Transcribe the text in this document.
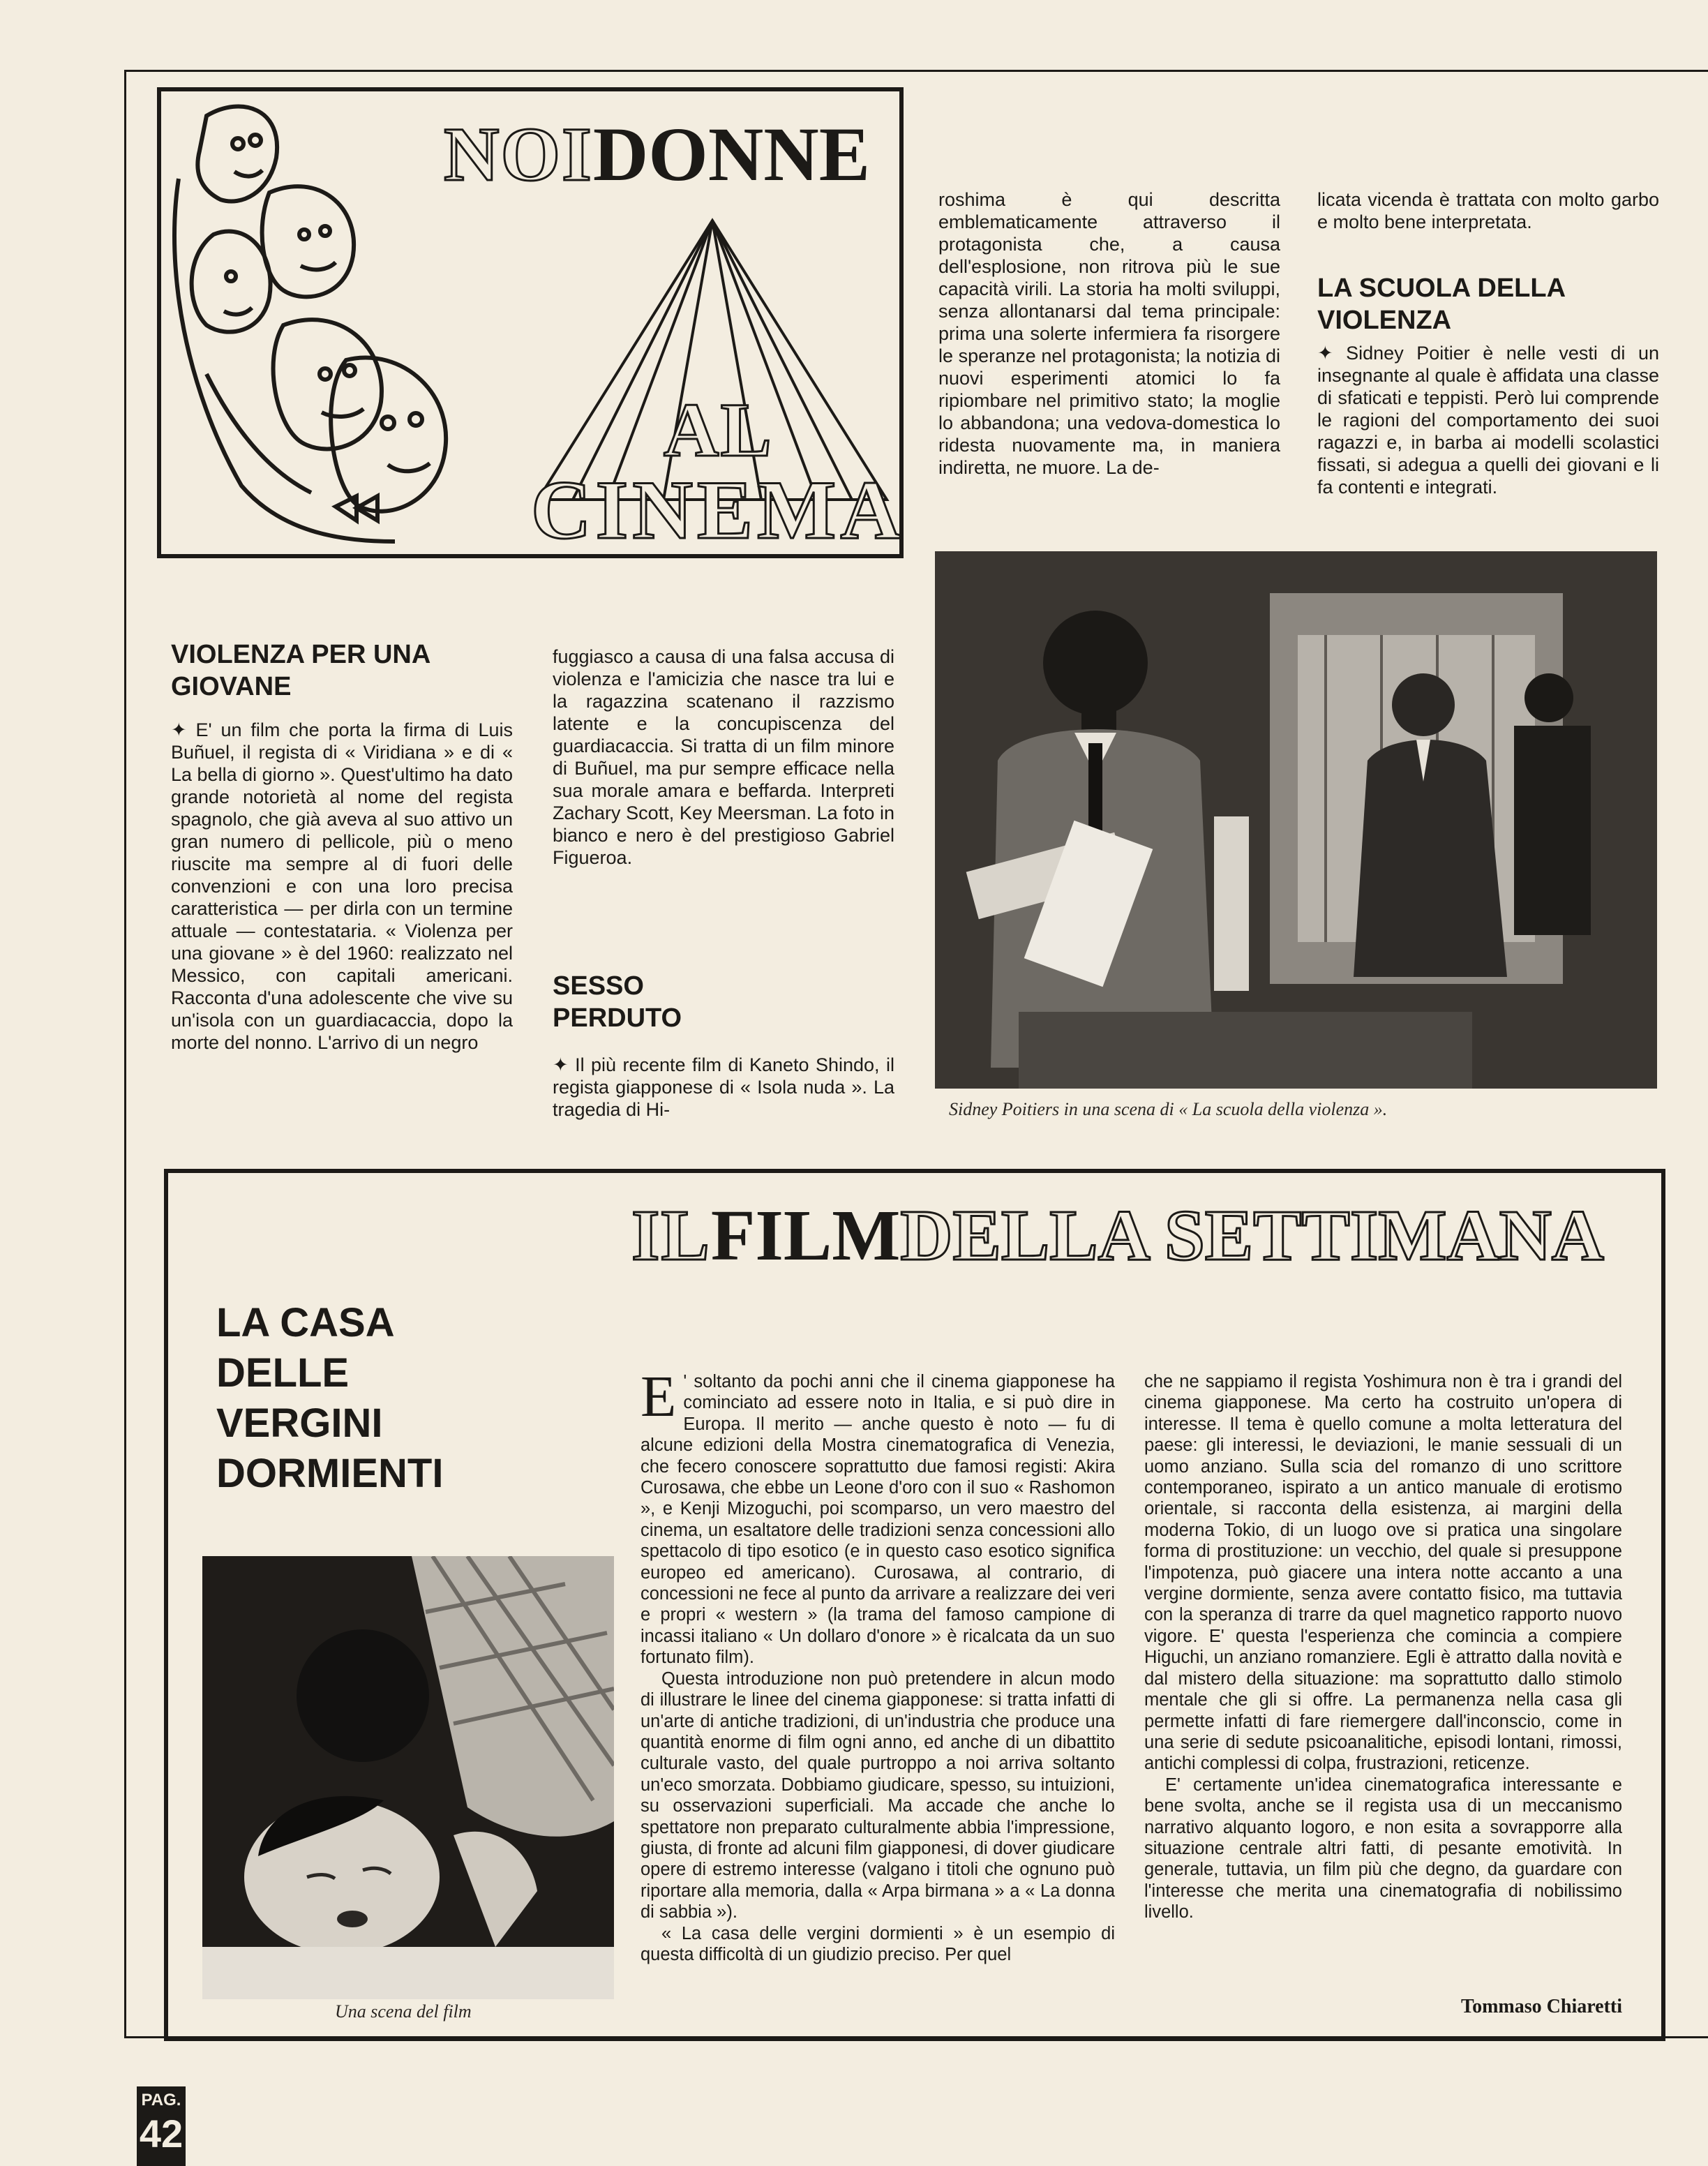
NOIDONNE
AL
CINEMA

roshima è qui descritta emblematicamente attraverso il protagonista che, a causa dell'esplosione, non ritrova più le sue capacità virili. La storia ha molti sviluppi, senza allontanarsi dal tema principale: prima una solerte infermiera fa risorgere le speranze nel protagonista; la notizia di nuovi esperimenti atomici lo fa ripiombare nel primitivo stato; la moglie lo abbandona; una vedova-domestica lo ridesta nuovamente ma, in maniera indiretta, ne muore. La de-

licata vicenda è trattata con molto garbo e molto bene interpretata.

LA SCUOLA DELLA VIOLENZA

✦ Sidney Poitier è nelle vesti di un insegnante al quale è affidata una classe di sfaticati e teppisti. Però lui comprende le ragioni del comportamento dei suoi ragazzi e, in barba ai modelli scolastici fissati, si adegua a quelli dei giovani e li fa contenti e integrati.

VIOLENZA PER UNA GIOVANE

✦ E' un film che porta la firma di Luis Buñuel, il regista di « Viridiana » e di « La bella di giorno ». Quest'ultimo ha dato grande notorietà al nome del regista spagnolo, che già aveva al suo attivo un gran numero di pellicole, più o meno riuscite ma sempre al di fuori delle convenzioni e con una loro precisa caratteristica — per dirla con un termine attuale — contestataria. « Violenza per una giovane » è del 1960: realizzato nel Messico, con capitali americani. Racconta d'una adolescente che vive su un'isola con un guardiacaccia, dopo la morte del nonno. L'arrivo di un negro

fuggiasco a causa di una falsa accusa di violenza e l'amicizia che nasce tra lui e la ragazzina scatenano il razzismo latente e la concupiscenza del guardiacaccia. Si tratta di un film minore di Buñuel, ma pur sempre efficace nella sua morale amara e beffarda. Interpreti Zachary Scott, Key Meersman. La foto in bianco e nero è del prestigioso Gabriel Figueroa.

SESSO PERDUTO

✦ Il più recente film di Kaneto Shindo, il regista giapponese di « Isola nuda ». La tragedia di Hi-	Sidney Poitiers in una scena di « La scuola della violenza ».
ILFILMDELLA SETTIMANA
LA CASA DELLE VERGINI DORMIENTI
Una scena del film

E ' soltanto da pochi anni che il cinema giapponese ha cominciato ad essere noto in Italia, e si può dire in Europa. Il merito — anche questo è noto — fu di alcune edizioni della Mostra cinematografica di Venezia, che fecero conoscere soprattutto due famosi registi: Akira Curosawa, che ebbe un Leone d'oro con il suo « Rashomon », e Kenji Mizoguchi, poi scomparso, un vero maestro del cinema, un esaltatore delle tradizioni senza concessioni allo spettacolo di tipo esotico (e in questo caso esotico significa europeo ed americano). Curosawa, al contrario, di concessioni ne fece al punto da arrivare a realizzare dei veri e propri « western » (la trama del famoso campione di incassi italiano « Un dollaro d'onore » è ricalcata da un suo fortunato film).

Questa introduzione non può pretendere in alcun modo di illustrare le linee del cinema giapponese: si tratta infatti di un'arte di antiche tradizioni, di un'industria che produce una quantità enorme di film ogni anno, ed anche di un dibattito culturale vasto, del quale purtroppo a noi arriva soltanto un'eco smorzata. Dobbiamo giudicare, spesso, su intuizioni, su osservazioni superficiali. Ma accade che anche lo spettatore non preparato culturalmente abbia l'impressione, giusta, di fronte ad alcuni film giapponesi, di dover giudicare opere di estremo interesse (valgano i titoli che ognuno può riportare alla memoria, dalla « Arpa birmana » a « La donna di sabbia »).

« La casa delle vergini dormienti » è un esempio di questa difficoltà di un giudizio preciso. Per quel

che ne sappiamo il regista Yoshimura non è tra i grandi del cinema giapponese. Ma certo ha costruito un'opera di interesse. Il tema è quello comune a molta letteratura del paese: gli interessi, le deviazioni, le manie sessuali di un uomo anziano. Sulla scia del romanzo di uno scrittore contemporaneo, ispirato a un antico manuale di erotismo orientale, si racconta della esistenza, ai margini della moderna Tokio, di un luogo ove si pratica una singolare forma di prostituzione: un vecchio, del quale si presuppone l'impotenza, può giacere una intera notte accanto a una vergine dormiente, senza avere contatto fisico, ma tuttavia con la speranza di trarre da quel magnetico rapporto nuovo vigore. E' questa l'esperienza che comincia a compiere Higuchi, un anziano romanziere. Egli è attratto dalla novità e dal mistero della situazione: ma soprattutto dallo stimolo mentale che gli si offre. La permanenza nella casa gli permette infatti di fare riemergere dall'inconscio, come in una serie di sedute psicoanalitiche, episodi lontani, rimossi, antichi complessi di colpa, frustrazioni, reticenze.

E' certamente un'idea cinematografica interessante e bene svolta, anche se il regista usa di un meccanismo narrativo alquanto logoro, e non esita a sovrapporre alla situazione centrale altri fatti, di pesante emotività. In generale, tuttavia, un film più che degno, da guardare con l'interesse che merita una cinematografia di nobilissimo livello.

Tommaso Chiaretti
PAG.
42
